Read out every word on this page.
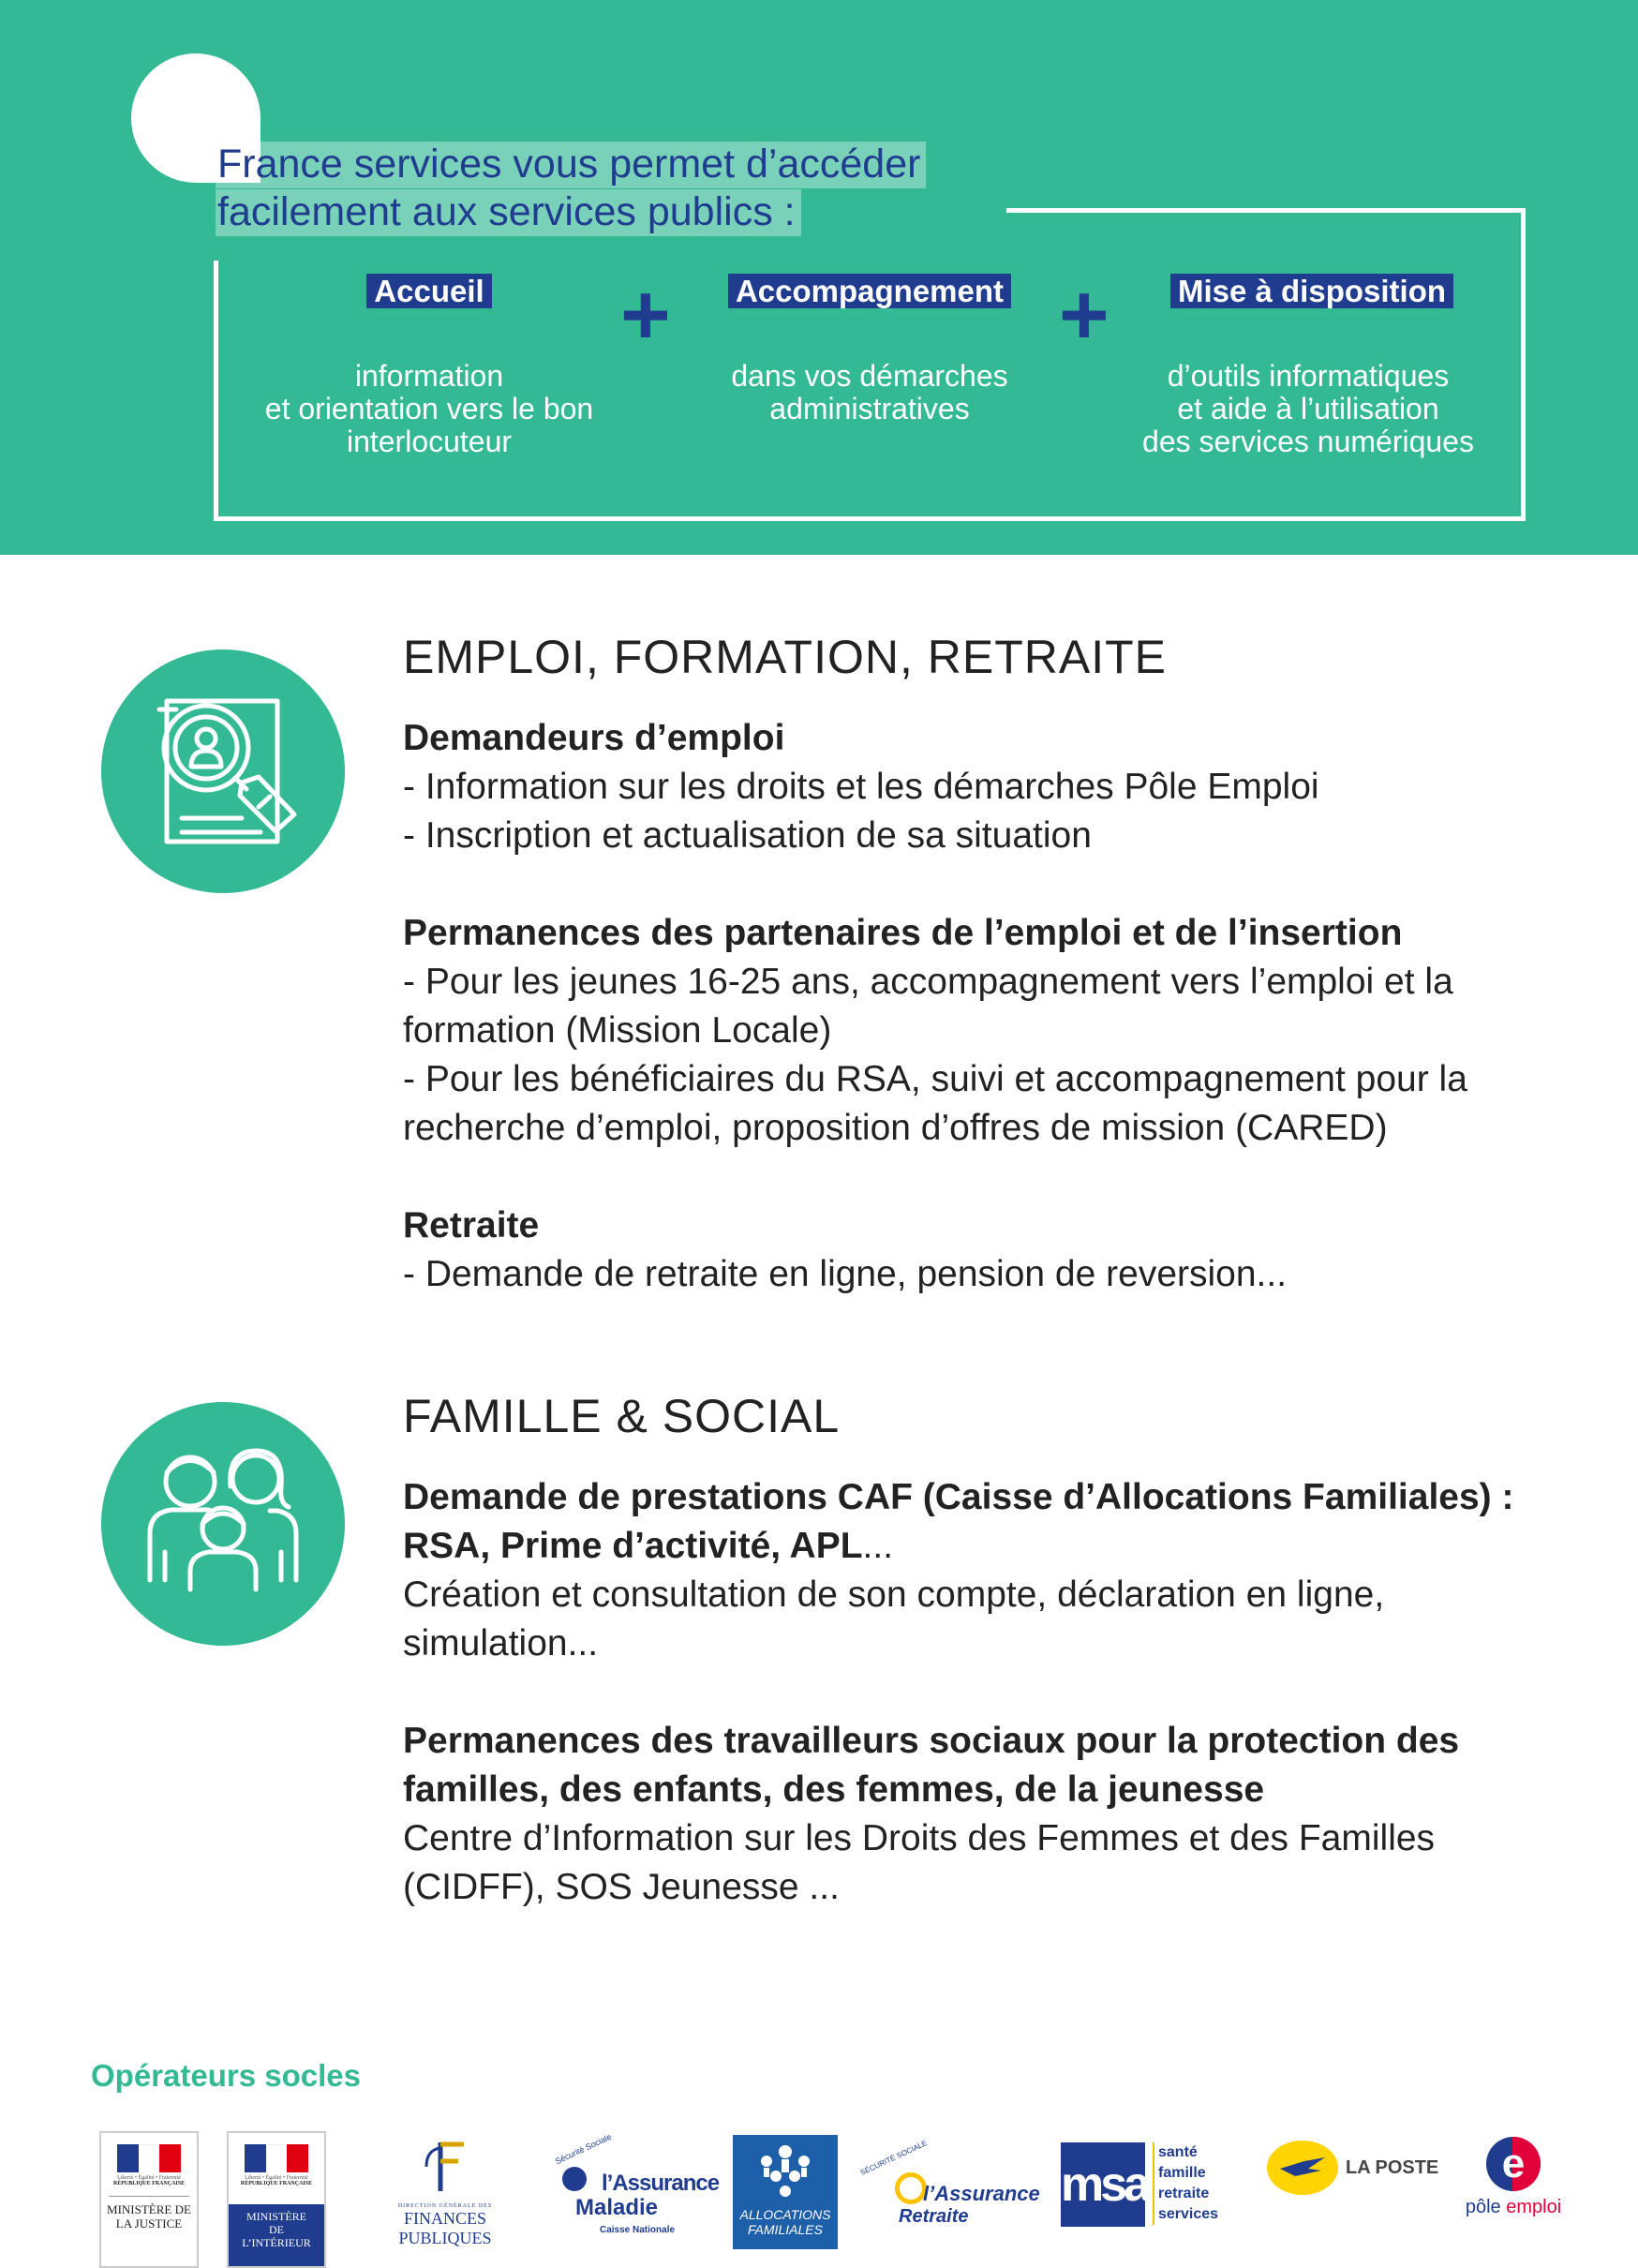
France services vous permet d’accéder
facilement aux services publics :
Accueil
information
et orientation vers le bon
interlocuteur
+	Accompagnement
dans vos démarches
administratives
+	Mise à disposition
d’outils informatiques
et aide à l’utilisation
des services numériques
EMPLOI, FORMATION, RETRAITE
Demandeurs d’emploi
- Information sur les droits et les démarches Pôle Emploi
- Inscription et actualisation de sa situation
Permanences des partenaires de l’emploi et de l’insertion
- Pour les jeunes 16-25 ans, accompagnement vers l’emploi et la
formation (Mission Locale)
- Pour les bénéficiaires du RSA, suivi et accompagnement pour la
recherche d’emploi, proposition d’offres de mission (CARED)
Retraite
- Demande de retraite en ligne, pension de reversion...
FAMILLE & SOCIAL
Demande de prestations CAF (Caisse d’Allocations Familiales) :
RSA, Prime d’activité, APL...
Création et consultation de son compte, déclaration en ligne,
simulation...
Permanences des travailleurs sociaux pour la protection des
familles, des enfants, des femmes, de la jeunesse
Centre d’Information sur les Droits des Femmes et des Familles
(CIDFF), SOS Jeunesse ...
Opérateurs socles
Liberté • Égalité • Fraternité
RÉPUBLIQUE FRANÇAISE
MINISTÈRE DE
LA JUSTICE
Liberté • Égalité • Fraternité
RÉPUBLIQUE FRANÇAISE
MINISTÈRE
DE
L’INTÉRIEUR
DIRECTION GÉNÉRALE DES
FINANCES PUBLIQUES
Sécurité Sociale
l’Assurance
Maladie
Caisse Nationale
ALLOCATIONS
FAMILIALES
SÉCURITÉ SOCIALE
l’Assurance
Retraite
msa
santé
famille
retraite
services
LA POSTE	e
pôle emploi
